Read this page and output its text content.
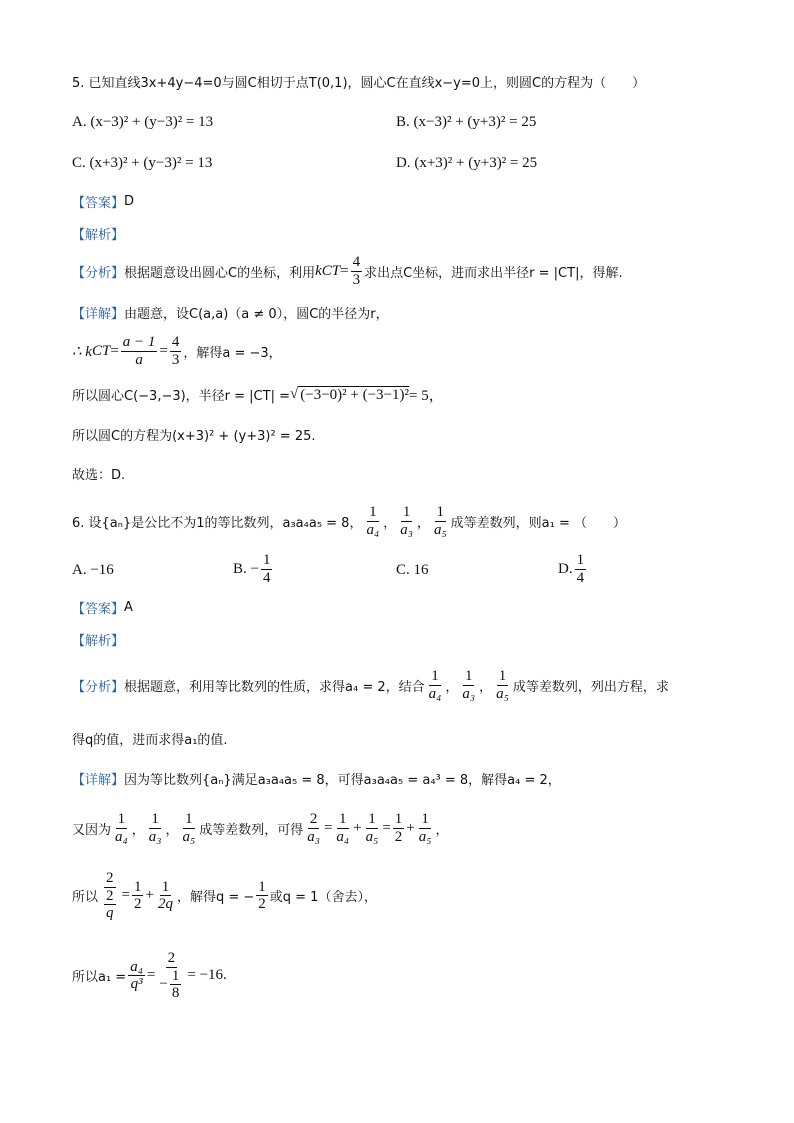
5. 已知直线3x+4y−4=0与圆C相切于点T(0,1)，圆心C在直线x−y=0上，则圆C的方程为（　　）
A. (x−3)² + (y−3)² = 13	B. (x−3)² + (y+3)² = 25
C. (x+3)² + (y−3)² = 13	D. (x+3)² + (y+3)² = 25
【答案】 D
【解析】
【分析】 根据题意设出圆心C的坐标，利用 k CT = $\frac{4}{3}$ 求出点C坐标，进而求出半径r = |CT|，得解.
【详解】 由题意，设C(a,a)（a ≠ 0），圆C的半径为r，
∴ k CT = $\frac{a - 1}{a} = \frac{4}{3}$ ，解得a = −3，
所以圆心C(−3,−3)，半径r = |CT| = √ (−3−0)² + (−3−1)² = 5，
所以圆C的方程为(x+3)² + (y+3)² = 25.
故选：D.
6. 设{aₙ}是公比不为1的等比数列，a₃a₄a₅ = 8， $\frac{1}{\text{a₄}}$ ， $\frac{1}{\text{a₃}}$ ， $\frac{1}{\text{a₅}}$ 成等差数列，则a₁ = （　　）
A. −16	B. − $\frac{1}{4}$	C. 16	D. $\frac{1}{4}$
【答案】 A
【解析】
【分析】 根据题意，利用等比数列的性质，求得a₄ = 2，结合 $\frac{1}{\text{a₄}}$ ， $\frac{1}{\text{a₃}}$ ， $\frac{1}{\text{a₅}}$ 成等差数列，列出方程，求
得q的值，进而求得a₁的值.
【详解】 因为等比数列{aₙ}满足a₃a₄a₅ = 8，可得a₃a₄a₅ = a₄³ = 8，解得a₄ = 2，
又因为 $\frac{1}{\text{a₄}}$ ， $\frac{1}{\text{a₃}}$ ， $\frac{1}{\text{a₅}}$ 成等差数列，可得 $\frac{2}{\text{a₃}} = \frac{1}{\text{a₄}} + \frac{1}{\text{a₅}} = \frac{1}{2} + \frac{1}{\text{a₅}}$ ，
所以 $\frac{2}{\frac{2}{q}} = \frac{1}{2} + \frac{1}{2q}$ ，解得q = − $\frac{1}{2}$ 或q = 1（舍去），
所以$a_1 = \frac{\text{a₄}}{\text{q³}} = \frac{2}{- \frac{1}{8}} = -16$.
